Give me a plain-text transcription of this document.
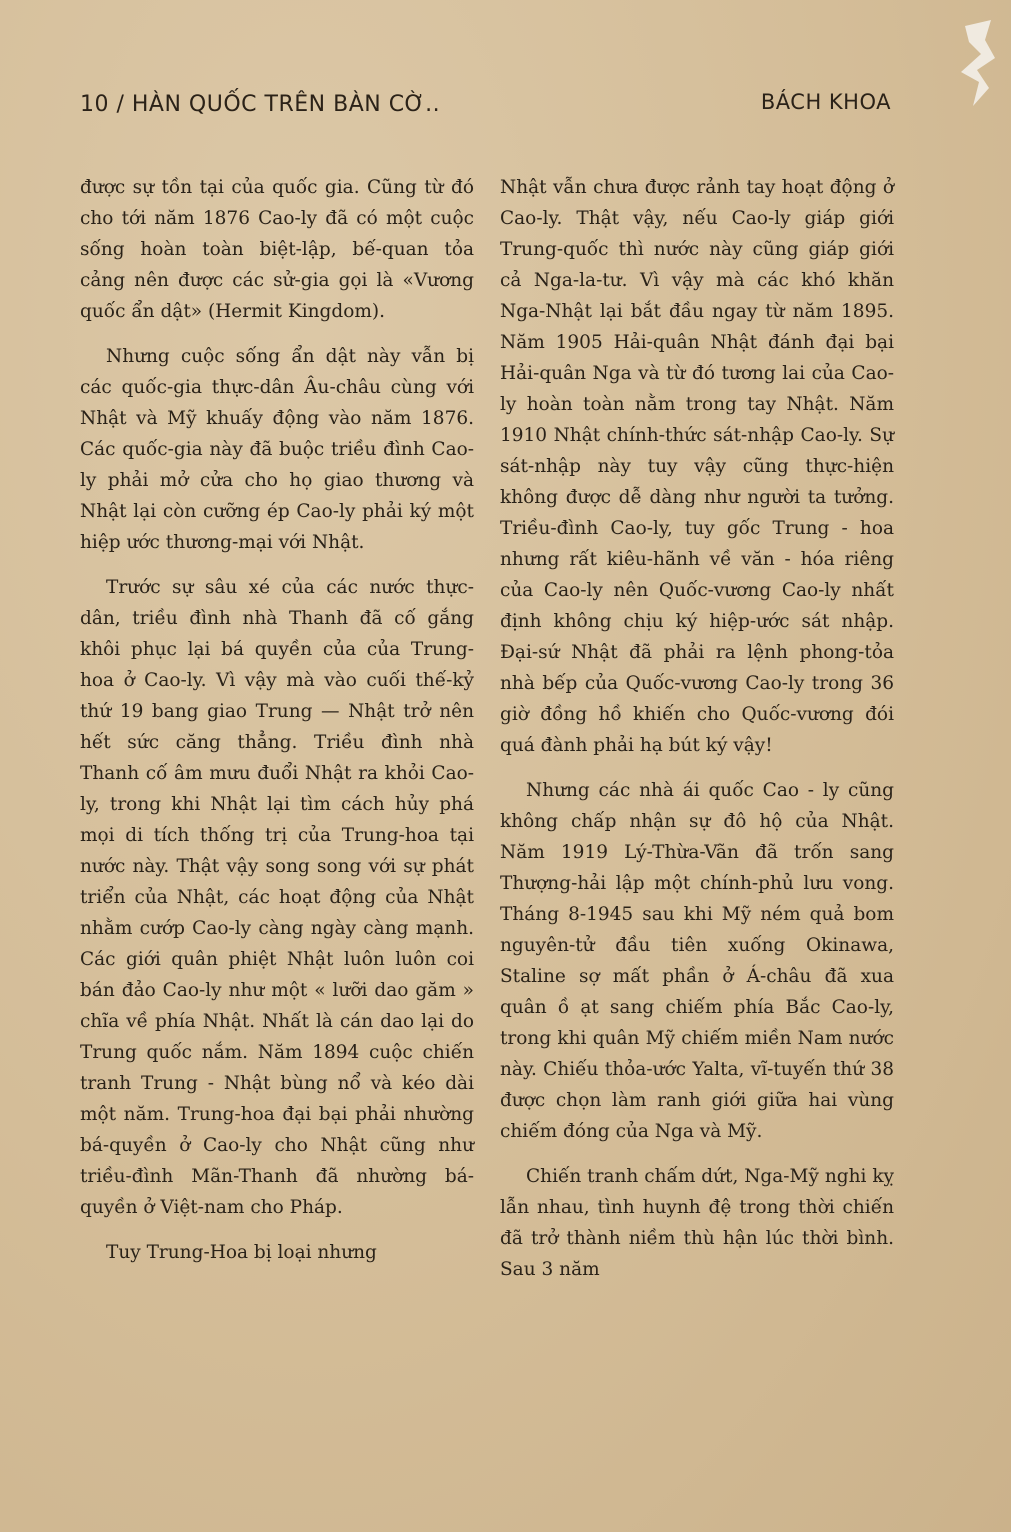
10 / HÀN QUỐC TRÊN BÀN CỜ..	BÁCH KHOA

được sự tồn tại của quốc gia. Cũng từ đó cho tới năm 1876 Cao-ly đã có một cuộc sống hoàn toàn biệt-lập, bế-quan tỏa cảng nên được các sử-gia gọi là «Vương quốc ẩn dật» (Hermit Kingdom).

Nhưng cuộc sống ẩn dật này vẫn bị các quốc-gia thực-dân Âu-châu cùng với Nhật và Mỹ khuấy động vào năm 1876. Các quốc-gia này đã buộc triều đình Cao-ly phải mở cửa cho họ giao thương và Nhật lại còn cưỡng ép Cao-ly phải ký một hiệp ước thương-mại với Nhật.

Trước sự sâu xé của các nước thực-dân, triều đình nhà Thanh đã cố gắng khôi phục lại bá quyền của của Trung-hoa ở Cao-ly. Vì vậy mà vào cuối thế-kỷ thứ 19 bang giao Trung — Nhật trở nên hết sức căng thẳng. Triều đình nhà Thanh cố âm mưu đuổi Nhật ra khỏi Cao-ly, trong khi Nhật lại tìm cách hủy phá mọi di tích thống trị của Trung-hoa tại nước này. Thật vậy song song với sự phát triển của Nhật, các hoạt động của Nhật nhằm cướp Cao-ly càng ngày càng mạnh. Các giới quân phiệt Nhật luôn luôn coi bán đảo Cao-ly như một « lưỡi dao găm » chĩa về phía Nhật. Nhất là cán dao lại do Trung quốc nắm. Năm 1894 cuộc chiến tranh Trung - Nhật bùng nổ và kéo dài một năm. Trung-hoa đại bại phải nhường bá-quyền ở Cao-ly cho Nhật cũng như triều-đình Mãn-Thanh đã nhường bá-quyền ở Việt-nam cho Pháp.

Tuy Trung-Hoa bị loại nhưng

Nhật vẫn chưa được rảnh tay hoạt động ở Cao-ly. Thật vậy, nếu Cao-ly giáp giới Trung-quốc thì nước này cũng giáp giới cả Nga-la-tư. Vì vậy mà các khó khăn Nga-Nhật lại bắt đầu ngay từ năm 1895. Năm 1905 Hải-quân Nhật đánh đại bại Hải-quân Nga và từ đó tương lai của Cao-ly hoàn toàn nằm trong tay Nhật. Năm 1910 Nhật chính-thức sát-nhập Cao-ly. Sự sát-nhập này tuy vậy cũng thực-hiện không được dễ dàng như người ta tưởng. Triều-đình Cao-ly, tuy gốc Trung - hoa nhưng rất kiêu-hãnh về văn - hóa riêng của Cao-ly nên Quốc-vương Cao-ly nhất định không chịu ký hiệp-ước sát nhập. Đại-sứ Nhật đã phải ra lệnh phong-tỏa nhà bếp của Quốc-vương Cao-ly trong 36 giờ đồng hồ khiến cho Quốc-vương đói quá đành phải hạ bút ký vậy!

Nhưng các nhà ái quốc Cao - ly cũng không chấp nhận sự đô hộ của Nhật. Năm 1919 Lý-Thừa-Vãn đã trốn sang Thượng-hải lập một chính-phủ lưu vong. Tháng 8-1945 sau khi Mỹ ném quả bom nguyên-tử đầu tiên xuống Okinawa, Staline sợ mất phần ở Á-châu đã xua quân ồ ạt sang chiếm phía Bắc Cao-ly, trong khi quân Mỹ chiếm miền Nam nước này. Chiếu thỏa-ước Yalta, vĩ-tuyến thứ 38 được chọn làm ranh giới giữa hai vùng chiếm đóng của Nga và Mỹ.

Chiến tranh chấm dứt, Nga-Mỹ nghi kỵ lẫn nhau, tình huynh đệ trong thời chiến đã trở thành niềm thù hận lúc thời bình. Sau 3 năm
